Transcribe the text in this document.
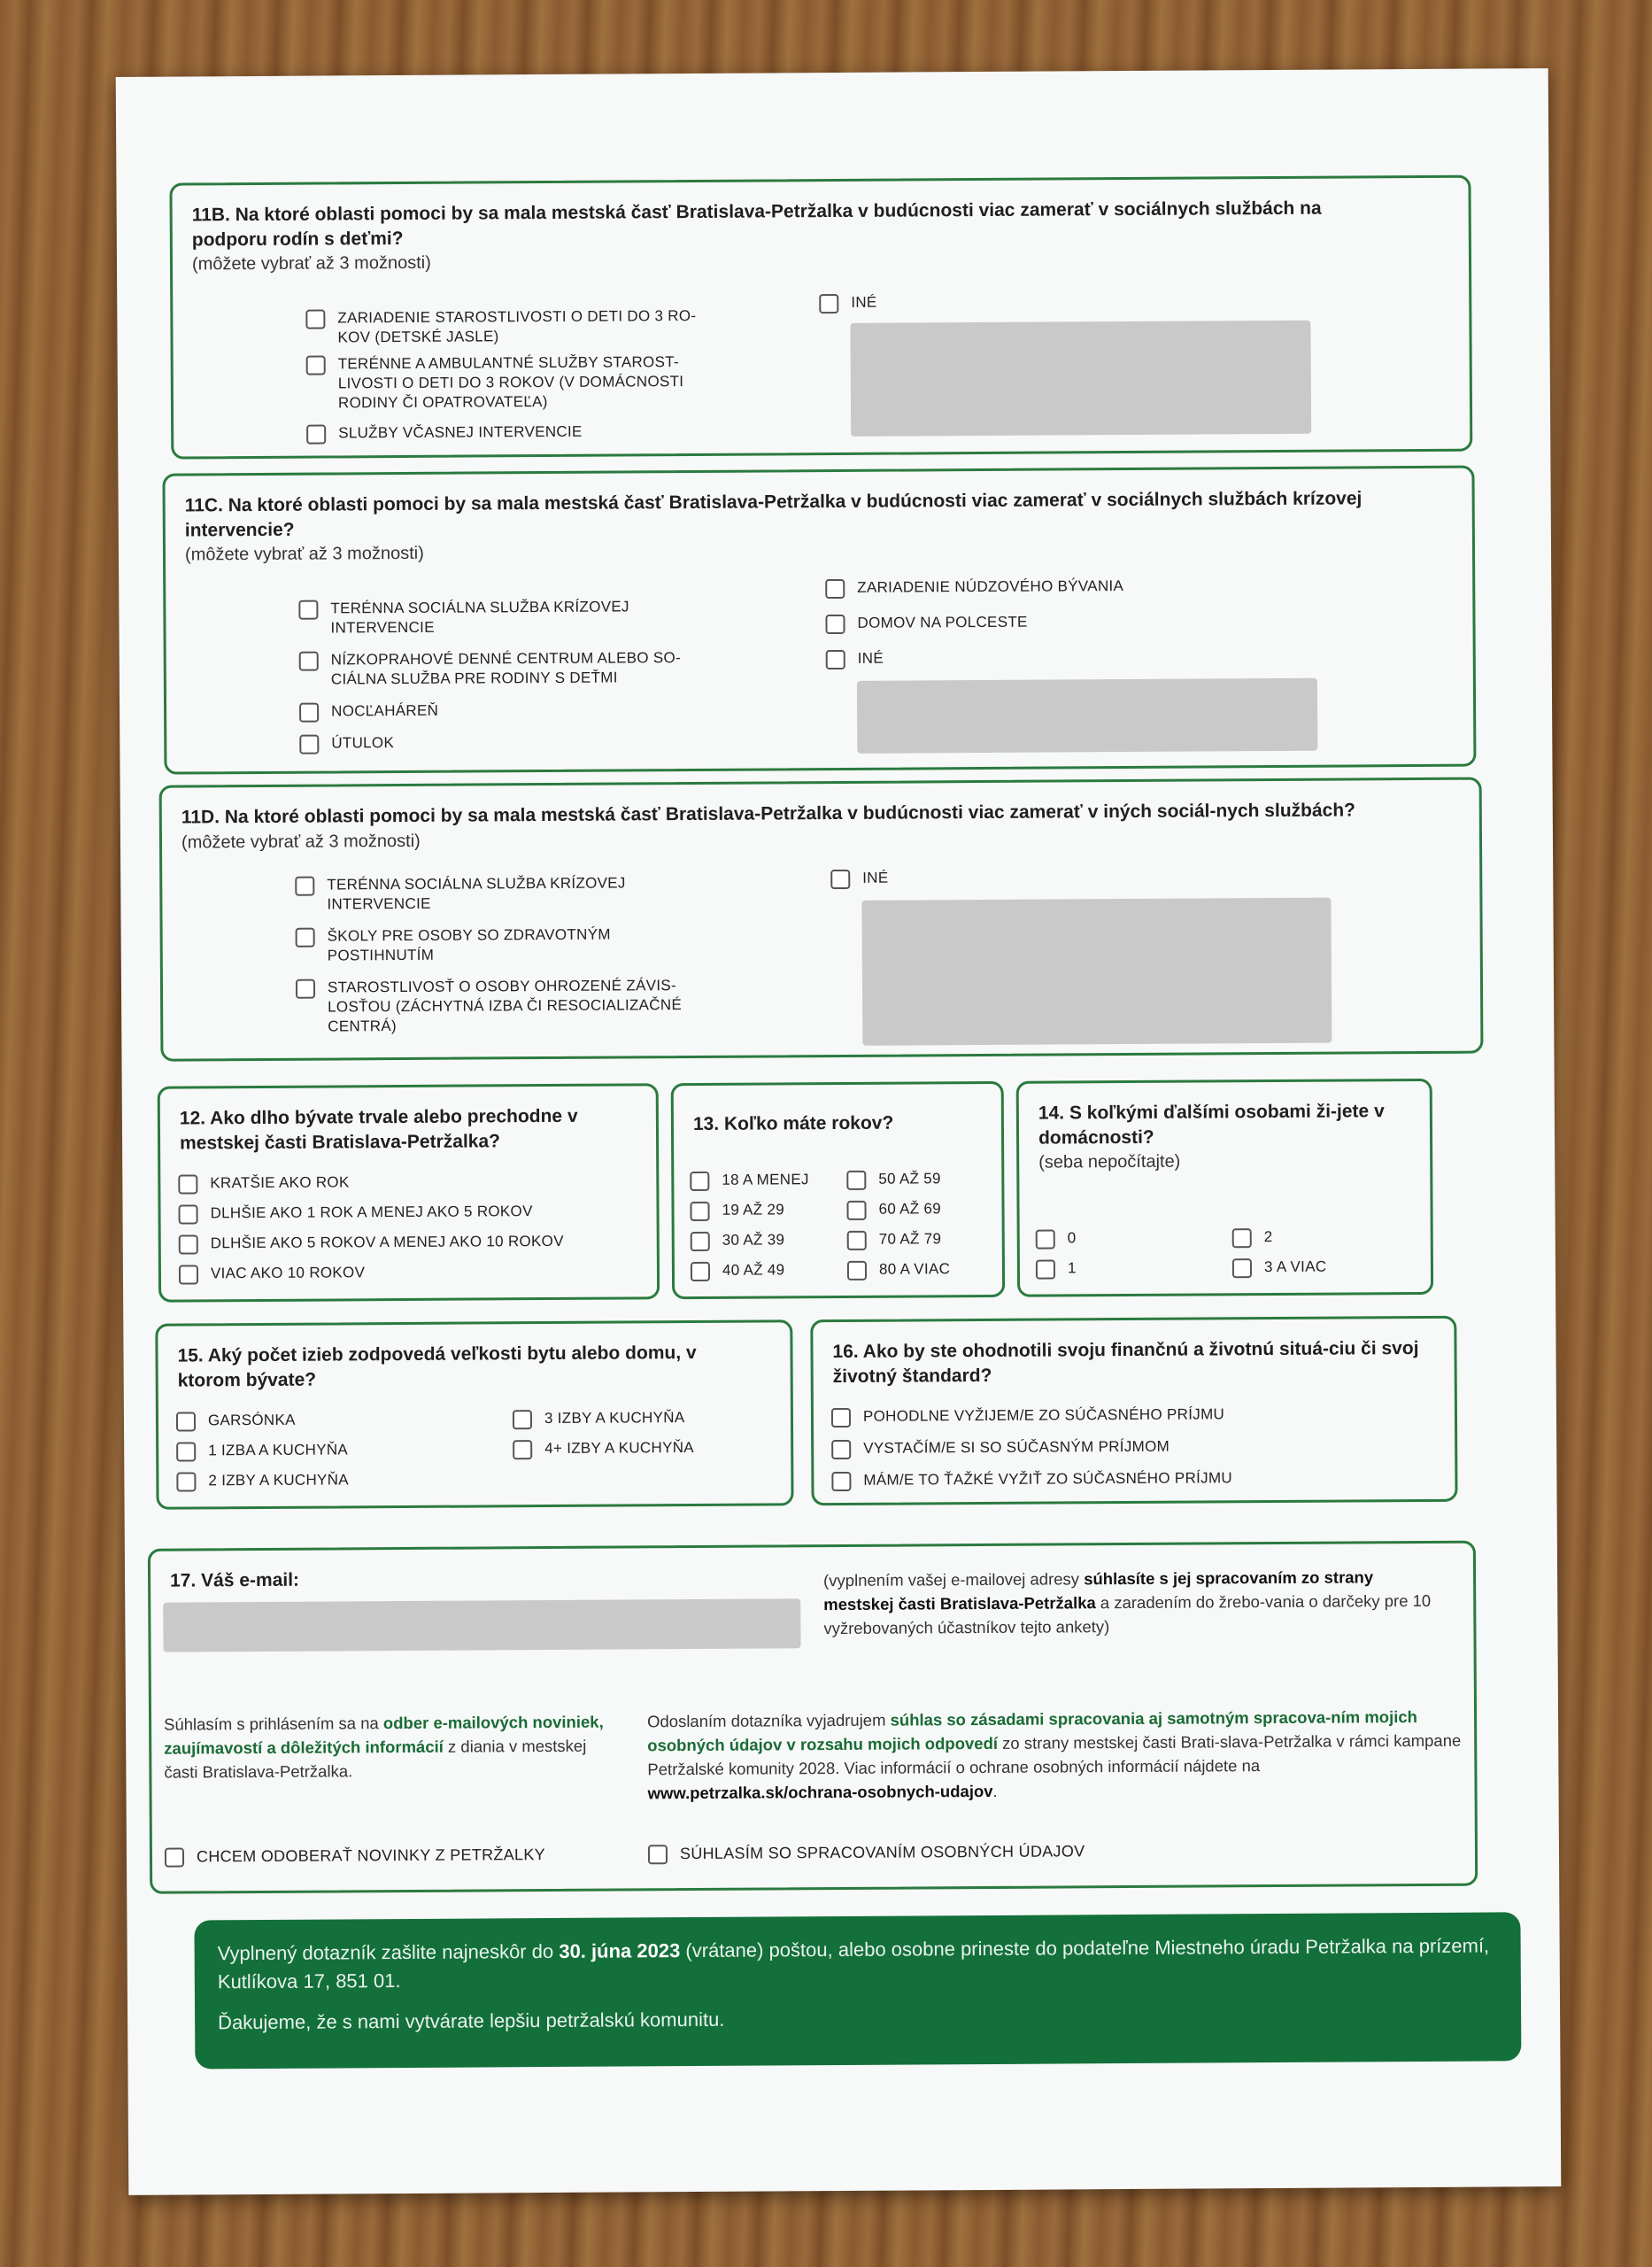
11B. Na ktoré oblasti pomoci by sa mala mestská časť Bratislava-Petržalka v budúcnosti viac zamerať v sociálnych službách na podporu rodín s deťmi?
(môžete vybrať až 3 možnosti)
ZARIADENIE STAROSTLIVOSTI O DETI DO 3 RO-KOV (DETSKÉ JASLE)
TERÉNNE A AMBULANTNÉ SLUŽBY STAROST-LIVOSTI O DETI DO 3 ROKOV (V DOMÁCNOSTI RODINY ČI OPATROVATEĽA)
SLUŽBY VČASNEJ INTERVENCIE
INÉ
11C. Na ktoré oblasti pomoci by sa mala mestská časť Bratislava-Petržalka v budúcnosti viac zamerať v sociálnych službách krízovej intervencie?
(môžete vybrať až 3 možnosti)
TERÉNNA SOCIÁLNA SLUŽBA KRÍZOVEJ INTERVENCIE
NÍZKOPRAHOVÉ DENNÉ CENTRUM ALEBO SO-CIÁLNA SLUŽBA PRE RODINY S DEŤMI
NOCĽAHÁREŇ
ÚTULOK
ZARIADENIE NÚDZOVÉHO BÝVANIA
DOMOV NA POLCESTE
INÉ
11D. Na ktoré oblasti pomoci by sa mala mestská časť Bratislava-Petržalka v budúcnosti viac zamerať v iných sociál-nych službách? (môžete vybrať až 3 možnosti)
TERÉNNA SOCIÁLNA SLUŽBA KRÍZOVEJ INTERVENCIE
ŠKOLY PRE OSOBY SO ZDRAVOTNÝM POSTIHNUTÍM
STAROSTLIVOSŤ O OSOBY OHROZENÉ ZÁVIS-LOSŤOU (ZÁCHYTNÁ IZBA ČI RESOCIALIZAČNÉ CENTRÁ)
INÉ
12. Ako dlho bývate trvale alebo prechodne v mestskej časti Bratislava-Petržalka?
KRATŠIE AKO ROK
DLHŠIE AKO 1 ROK A MENEJ AKO 5 ROKOV
DLHŠIE AKO 5 ROKOV A MENEJ AKO 10 ROKOV
VIAC AKO 10 ROKOV
13. Koľko máte rokov?
18 A MENEJ
19 AŽ 29
30 AŽ 39
40 AŽ 49
50 AŽ 59
60 AŽ 69
70 AŽ 79
80 A VIAC
14. S koľkými ďalšími osobami ži-jete v domácnosti?
(seba nepočítajte)
0
1
2
3 A VIAC
15. Aký počet izieb zodpovedá veľkosti bytu alebo domu, v ktorom bývate?
GARSÓNKA
1 IZBA A KUCHYŇA
2 IZBY A KUCHYŇA
3 IZBY A KUCHYŇA
4+ IZBY A KUCHYŇA
16. Ako by ste ohodnotili svoju finančnú a životnú situá-ciu či svoj životný štandard?
POHODLNE VYŽIJEM/E ZO SÚČASNÉHO PRÍJMU
VYSTAČÍM/E SI SO SÚČASNÝM PRÍJMOM
MÁM/E TO ŤAŽKÉ VYŽIŤ ZO SÚČASNÉHO PRÍJMU
17. Váš e-mail:	(vyplnením vašej e-mailovej adresy súhlasíte s jej spracovaním zo strany mestskej časti Bratislava-Petržalka a zaradením do žrebo-vania o darčeky pre 10 vyžrebovaných účastníkov tejto ankety)
Súhlasím s prihlásením sa na odber e-mailových noviniek, zaujímavostí a dôležitých informácií z diania v mestskej časti Bratislava-Petržalka.
Odoslaním dotazníka vyjadrujem súhlas so zásadami spracovania aj samotným spracova-ním mojich osobných údajov v rozsahu mojich odpovedí zo strany mestskej časti Brati-slava-Petržalka v rámci kampane Petržalské komunity 2028. Viac informácií o ochrane osobných informácií nájdete na www.petrzalka.sk/ochrana-osobnych-udajov.
CHCEM ODOBERAŤ NOVINKY Z PETRŽALKY	SÚHLASÍM SO SPRACOVANÍM OSOBNÝCH ÚDAJOV
Vyplnený dotazník zašlite najneskôr do 30. júna 2023 (vrátane) poštou, alebo osobne prineste do podateľne Miestneho úradu Petržalka na prízemí, Kutlíkova 17, 851 01.
Ďakujeme, že s nami vytvárate lepšiu petržalskú komunitu.
